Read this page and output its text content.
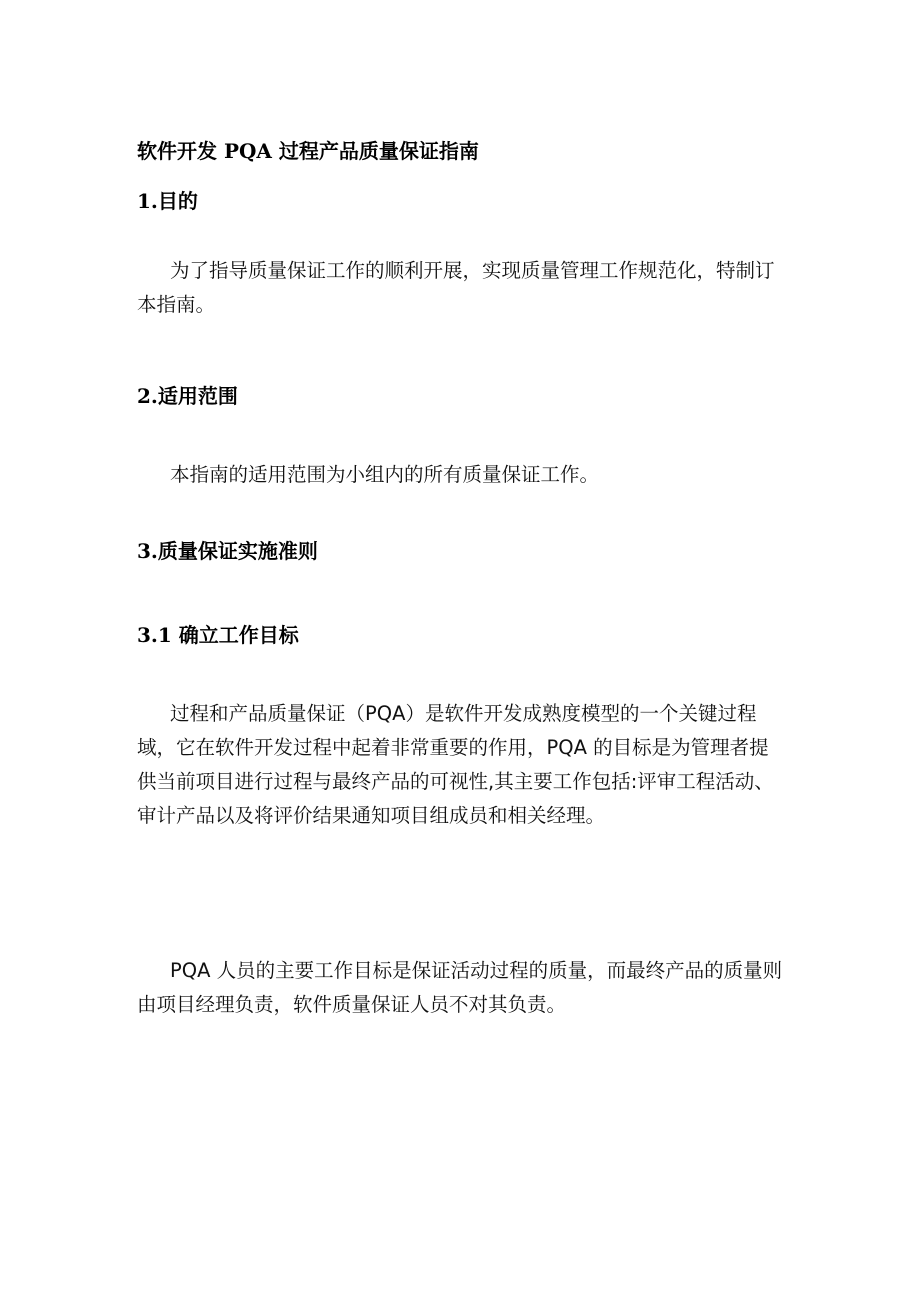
软件开发 PQA 过程产品质量保证指南
1.目的

为了指导质量保证工作的顺利开展，实现质量管理工作规范化，特制订本指南。

2.适用范围

本指南的适用范围为小组内的所有质量保证工作。

3.质量保证实施准则
3.1 确立工作目标

过程和产品质量保证（PQA）是软件开发成熟度模型的一个关键过程域，它在软件开发过程中起着非常重要的作用，PQA 的目标是为管理者提供当前项目进行过程与最终产品的可视性,其主要工作包括:评审工程活动、审计产品以及将评价结果通知项目组成员和相关经理。

PQA 人员的主要工作目标是保证活动过程的质量，而最终产品的质量则由项目经理负责，软件质量保证人员不对其负责。
